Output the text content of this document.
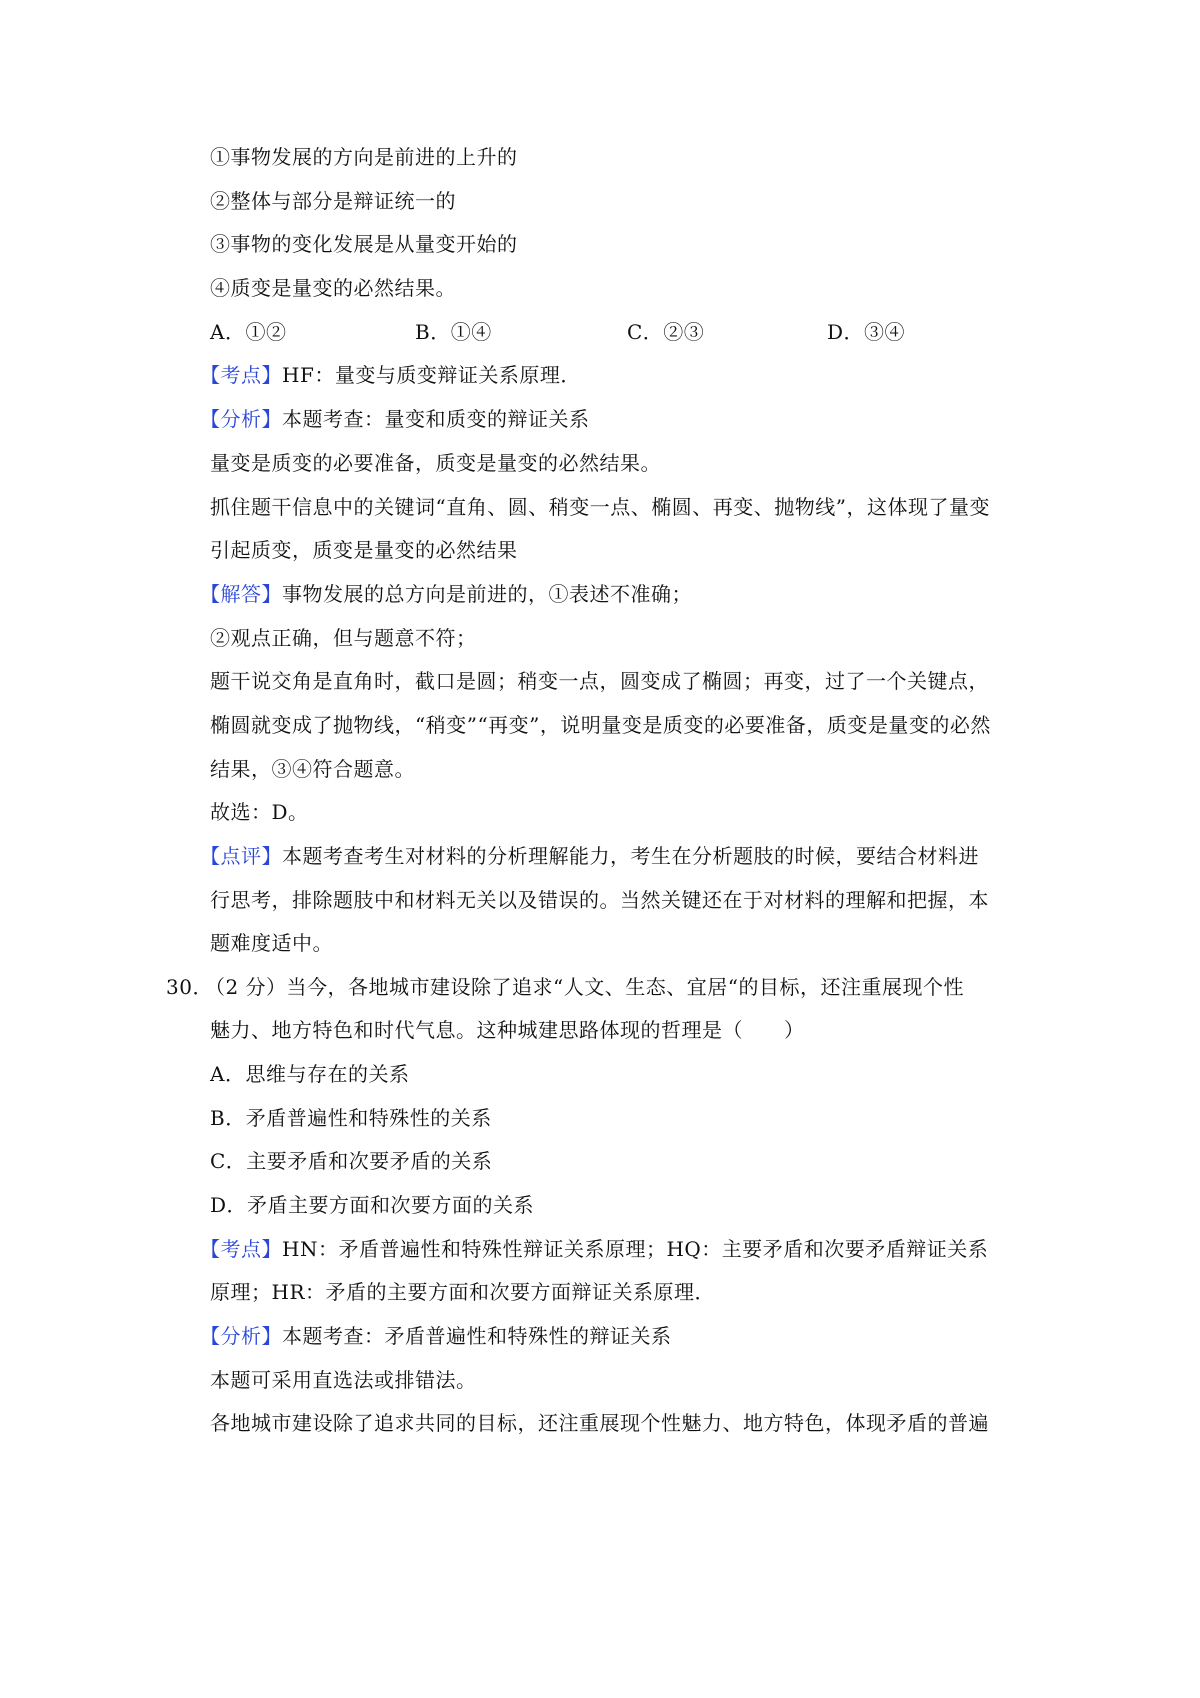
①事物发展的方向是前进的上升的
②整体与部分是辩证统一的
③事物的变化发展是从量变开始的
④质变是量变的必然结果。
A．①②	B．①④	C．②③	D．③④
【考点】HF：量变与质变辩证关系原理．
【分析】本题考查：量变和质变的辩证关系
量变是质变的必要准备，质变是量变的必然结果。
抓住题干信息中的关键词“直角、圆、稍变一点、椭圆、再变、抛物线”，这体现了量变
引起质变，质变是量变的必然结果
【解答】事物发展的总方向是前进的，①表述不准确；
②观点正确，但与题意不符；
题干说交角是直角时，截口是圆；稍变一点，圆变成了椭圆；再变，过了一个关键点，
椭圆就变成了抛物线，“稍变”“再变”，说明量变是质变的必要准备，质变是量变的必然
结果，③④符合题意。
故选：D。
【点评】本题考查考生对材料的分析理解能力，考生在分析题肢的时候，要结合材料进
行思考，排除题肢中和材料无关以及错误的。当然关键还在于对材料的理解和把握，本
题难度适中。
30． （2 分）当今，各地城市建设除了追求“人文、生态、宜居“的目标，还注重展现个性
魅力、地方特色和时代气息。这种城建思路体现的哲理是（　　）
A．思维与存在的关系
B．矛盾普遍性和特殊性的关系
C．主要矛盾和次要矛盾的关系
D．矛盾主要方面和次要方面的关系
【考点】HN：矛盾普遍性和特殊性辩证关系原理；HQ：主要矛盾和次要矛盾辩证关系
原理；HR：矛盾的主要方面和次要方面辩证关系原理．
【分析】本题考查：矛盾普遍性和特殊性的辩证关系
本题可采用直选法或排错法。
各地城市建设除了追求共同的目标，还注重展现个性魅力、地方特色，体现矛盾的普遍
